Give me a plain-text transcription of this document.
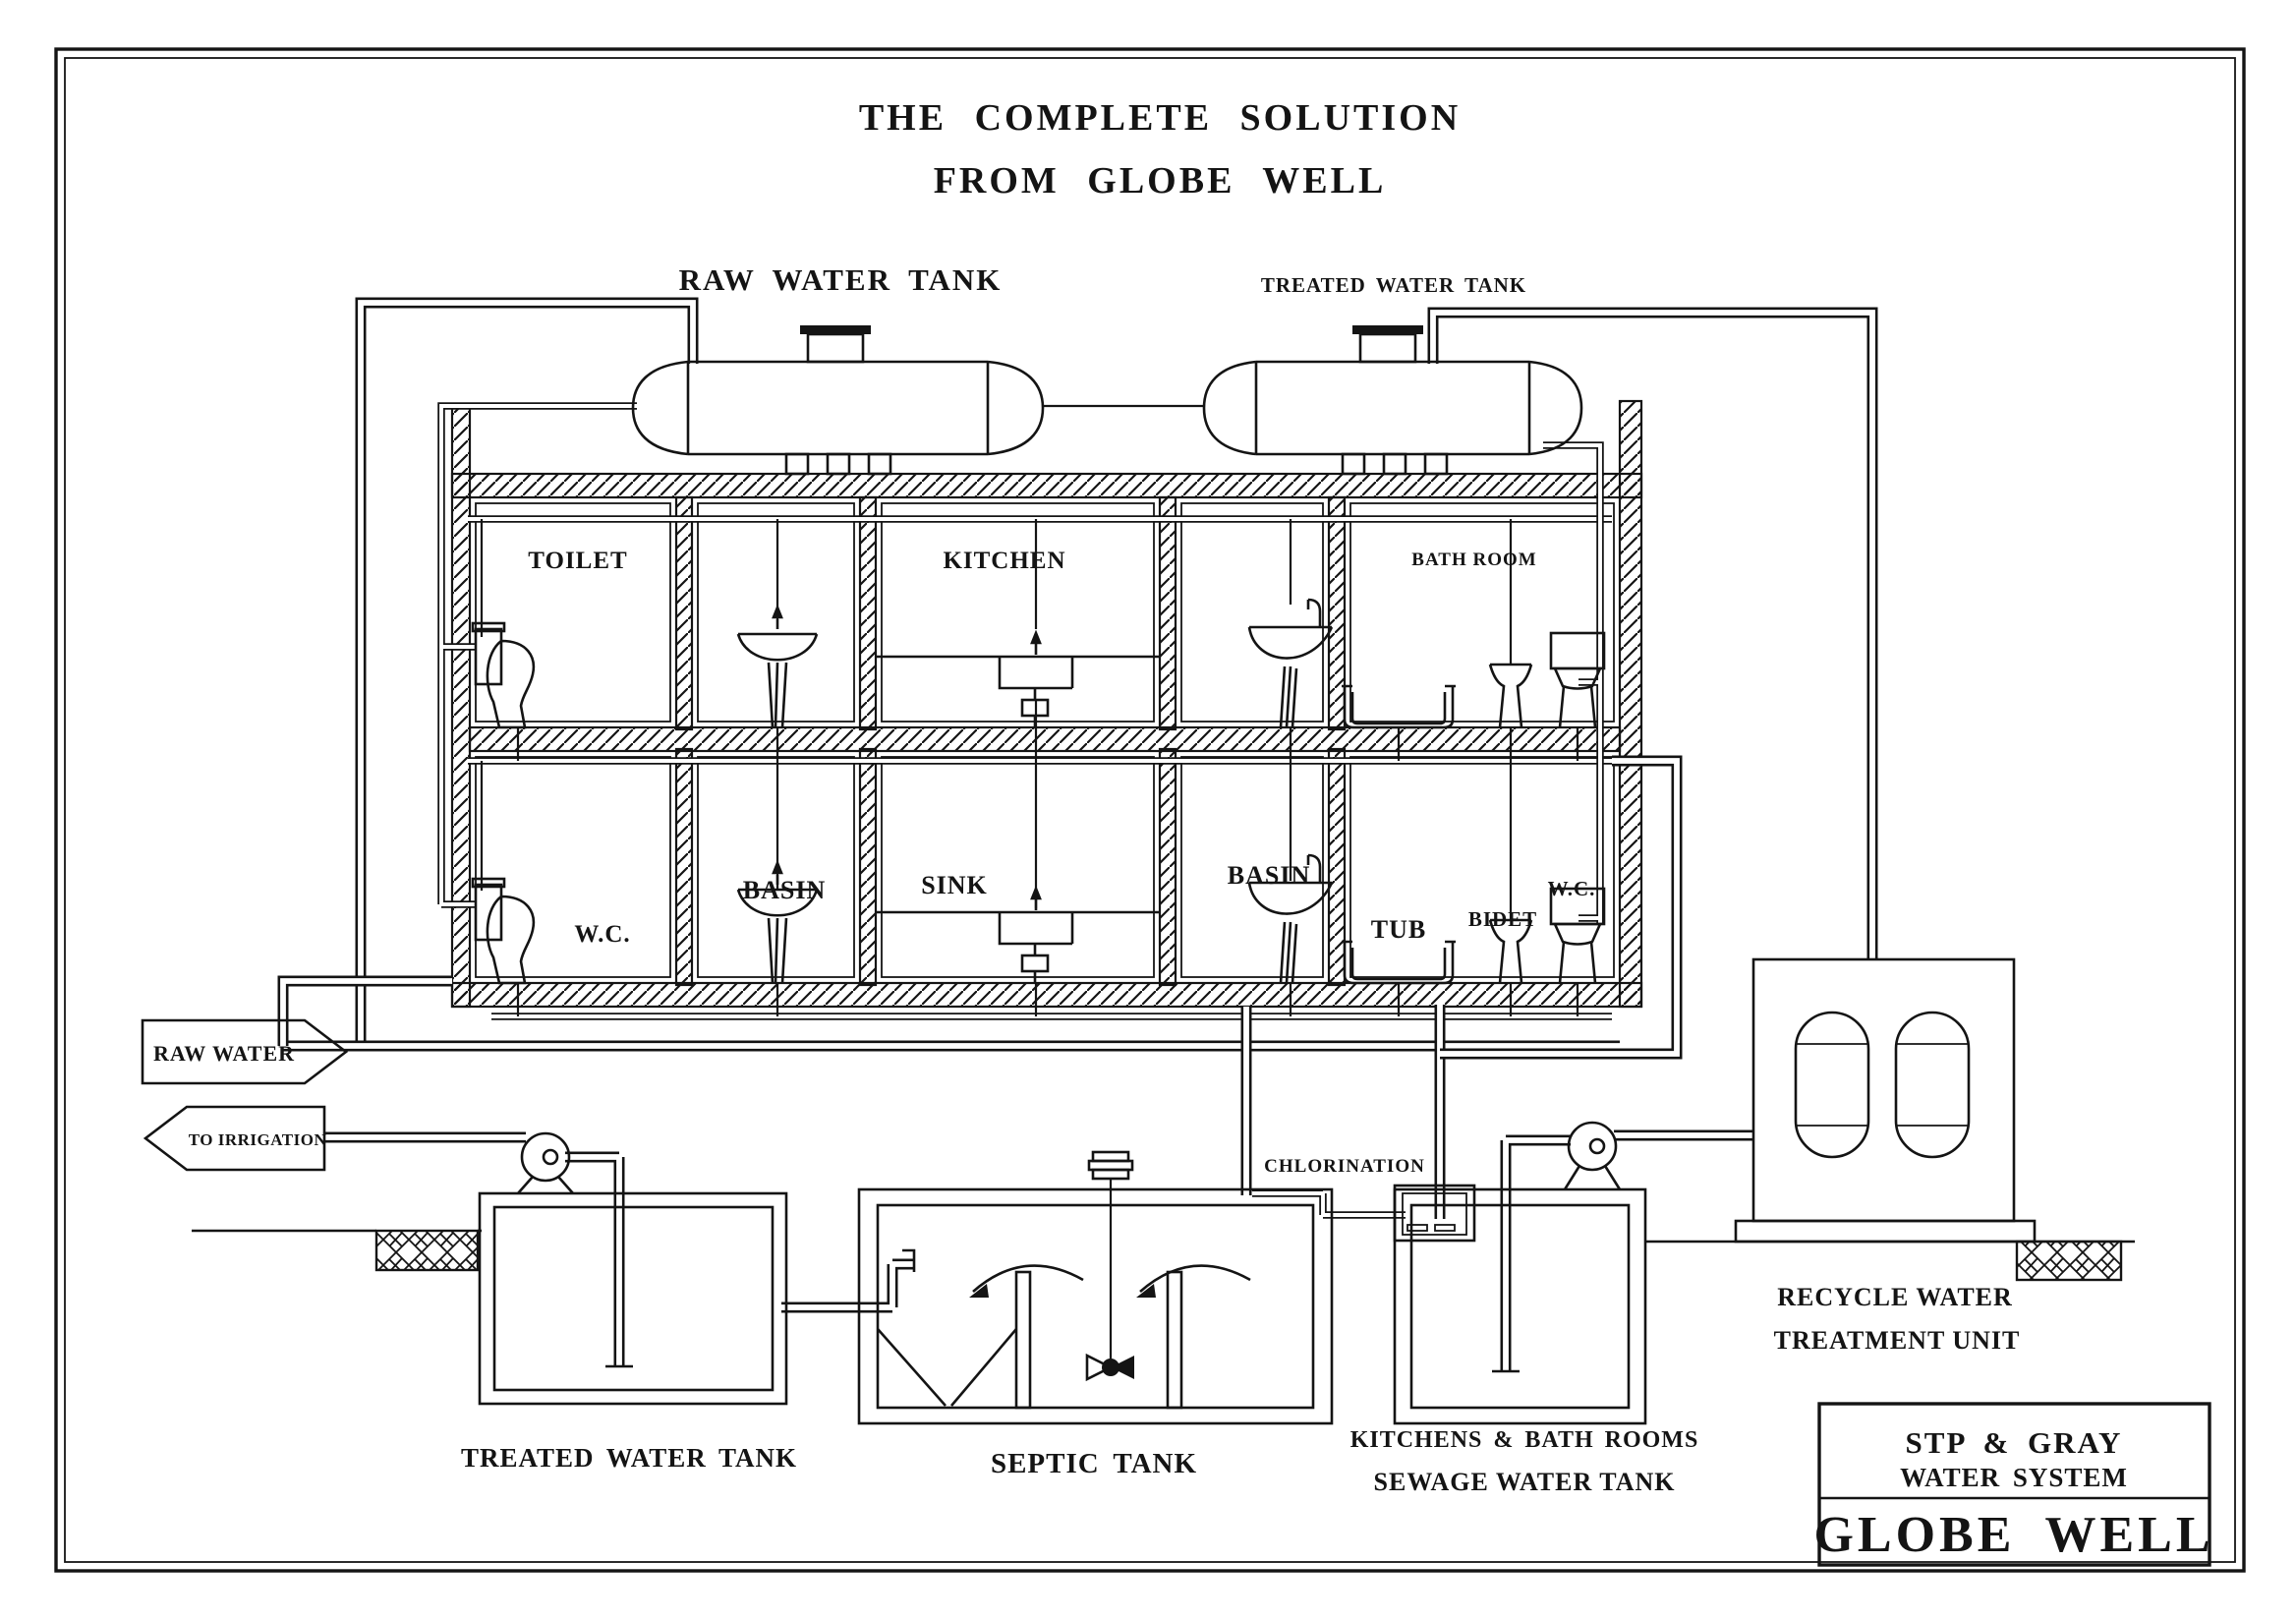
THE COMPLETE SOLUTION
FROM GLOBE WELL
RAW WATER TANK	TREATED WATER TANK
TOILET	KITCHEN	BATH ROOM
W.C.
BASIN	SINK	BASIN
TUB BIDET
W.C.
RAW WATER
TO IRRIGATION
TREATED WATER TANK	SEPTIC TANK
CHLORINATION
KITCHENS & BATH ROOMS
SEWAGE WATER TANK
RECYCLE WATER
TREATMENT UNIT
STP & GRAY
WATER SYSTEM
GLOBE WELL
